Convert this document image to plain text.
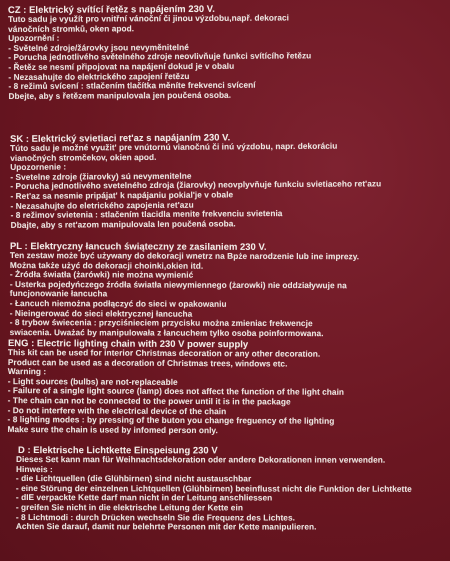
CZ : Elektrický svítící řetěz s napájením 230 V.
Tuto sadu je využít pro vnitřní vánoční či jinou výzdobu,např. dekoraci
vánočních stromků, oken apod.
Upozornění :
- Světelné zdroje/žárovky jsou nevyměnitelné
- Porucha jednotlivého světelného zdroje neovlivňuje funkci svítícího řetězu
- Řetěz se nesmí připojovat na napájení dokud je v obalu
- Nezasahujte do elektrického zapojení řetězu
- 8 režimů svícení : stlačením tlačítka měníte frekvenci svícení
Dbejte, aby s řetězem manipulovala jen poučená osoba.
SK : Elektrický svietiaci ret'az s napájaním 230 V.
Túto sadu je možné využit' pre vnútornú vianočnú či inú výzdobu, napr. dekoráciu
vianočných stromčekov, okien apod.
Upozornenie :
- Svetelne zdroje (žiarovky) sú nevymenitelne
- Porucha jednotlivého svetelného zdroja (žiarovky) neovplyvňuje funkciu svietiaceho ret'azu
- Ret'az sa nesmie pripájat' k napájaniu pokial'je v obale
- Nezasahujte do eletrického zapojenia ret'azu
- 8 režimov svietenia : stlačením tlacidla menite frekvenciu svietenia
Dbajte, aby s ret'azom manipulovala len poučená osoba.
PL : Elektryczny łancuch świąteczny ze zasilaniem 230 V.
Ten zestaw może być używany do dekoracji wnetrz na Bpże narodzenie lub ine imprezy.
Można także użyć do dekoracji choinki,okien itd.
- Żródła światła (żarówki) nie można wymienić
- Usterka pojedyńczego źródła światła niewymiennego (żarowki) nie oddziaływuje na
funcjonowanie łancucha
- Łancuch niemożna podłączyć do sieci w opakowaniu
- Nieingerować do sieci elektrycznej łancucha
- 8 trybow świecenia : przyciśnieciem przycisku można zmieniac frekwencje
swiacenia. Uważać by manipulowała z łancuchem tylko osoba poinformowana.
ENG : Electric lighting chain with 230 V power supply
This kit can be used for interior Christmas decoration or any other decoration.
Product can be used as a decoration of Christmas trees, windows etc.
Warning :
- Light sources (bulbs) are not-replaceable
- Failure of a single light source (lamp) does not affect the function of the light chain
- The chain can not be connected to the power until it is in the package
- Do not interfere with the electrical device of the chain
- 8 lighting modes : by pressing of the buton you change freguency of the lighting
Make sure the chain is used by infomed person only.
D : Elektrische Lichtkette Einspeisung 230 V
Dieses Set kann man für Weihnachtsdekoration oder andere Dekorationen innen verwenden.
Hinweis :
- die Lichtquellen (die Glühbirnen) sind nicht austauschbar
- eine Störung der einzelnen Lichtquellen (Glühbirnen) beeinflusst nicht die Funktion der Lichtkette
- dIE verpackte Kette darf man nicht in der Leitung anschliessen
- greifen Sie nicht in die elektrische Leitung der Kette ein
- 8 Lichtmodi : durch Drücken wechseln Sie die Frequenz des Lichtes.
Achten Sie darauf, damit nur belehrte Personen mit der Kette manipulieren.
